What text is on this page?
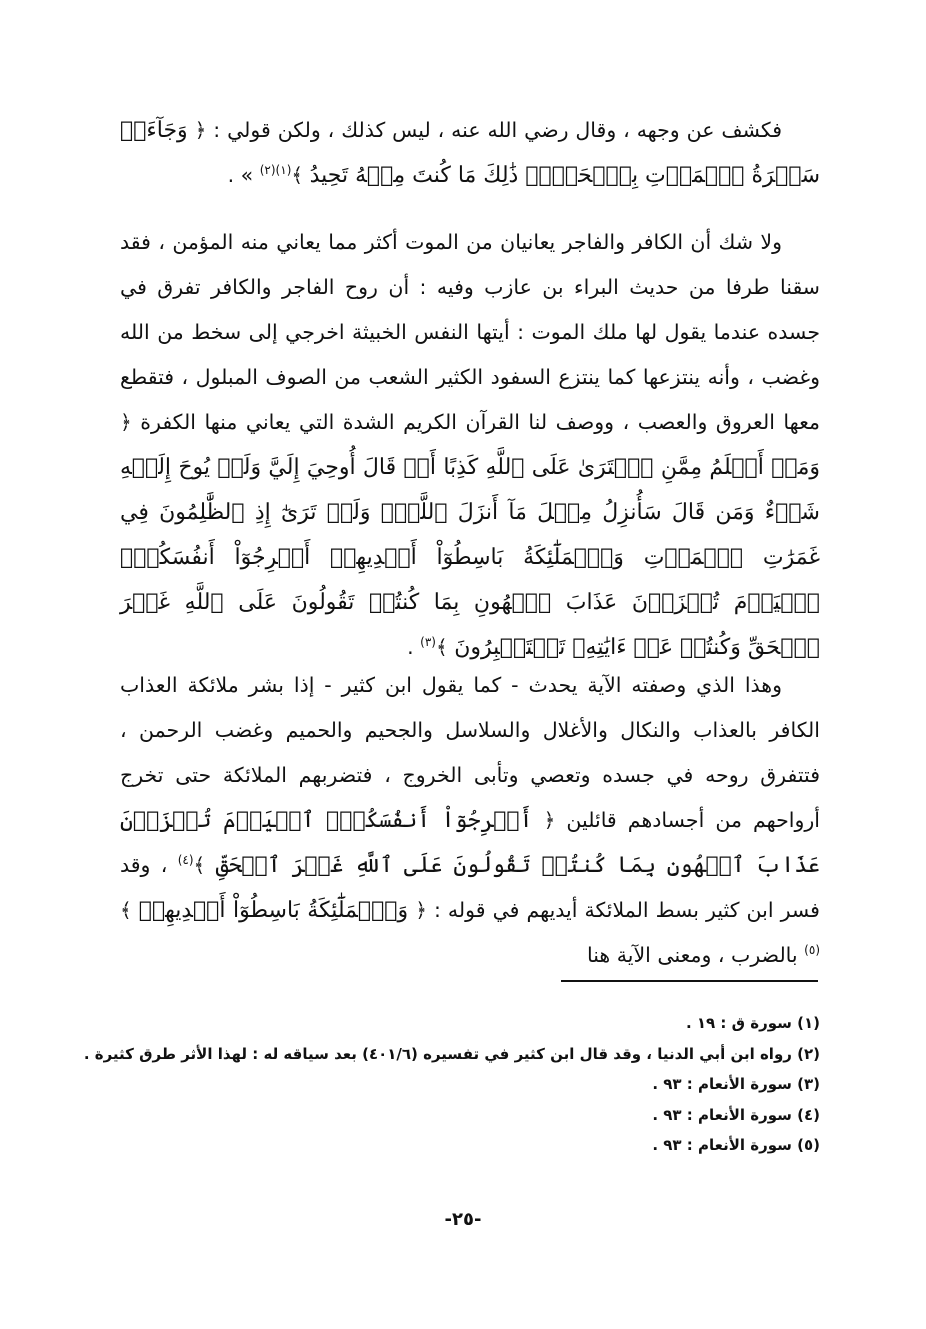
فكشف عن وجهه ، وقال رضي الله عنه ، ليس كذلك ، ولكن قولي : ﴿ وَجَآءَتۡ سَكۡرَةُ ٱلۡمَوۡتِ بِٱلۡحَقِّۚ ذَٰلِكَ مَا كُنتَ مِنۡهُ تَحِيدُ ﴾$^{(١)(٢)}$ » .

ولا شك أن الكافر والفاجر يعانيان من الموت أكثر مما يعاني منه المؤمن ، فقد سقنا طرفا من حديث البراء بن عازب وفيه : أن روح الفاجر والكافر تفرق في جسده عندما يقول لها ملك الموت : أيتها النفس الخبيثة اخرجي إلى سخط من الله وغضب ، وأنه ينتزعها كما ينتزع السفود الكثير الشعب من الصوف المبلول ، فتقطع معها العروق والعصب ، ووصف لنا القرآن الكريم الشدة التي يعاني منها الكفرة ﴿ وَمَنۡ أَظۡلَمُ مِمَّنِ ٱفۡتَرَىٰ عَلَى ٱللَّهِ كَذِبًا أَوۡ قَالَ أُوحِيَ إِلَيَّ وَلَمۡ يُوحَ إِلَيۡهِ شَيۡءٌ وَمَن قَالَ سَأُنزِلُ مِثۡلَ مَآ أَنزَلَ ٱللَّهُۗ وَلَوۡ تَرَىٰٓ إِذِ ٱلظَّٰلِمُونَ فِي غَمَرَٰتِ ٱلۡمَوۡتِ وَٱلۡمَلَٰٓئِكَةُ بَاسِطُوٓاْ أَيۡدِيهِمۡ أَخۡرِجُوٓاْ أَنفُسَكُمُۖ ٱلۡيَوۡمَ تُجۡزَوۡنَ عَذَابَ ٱلۡهُونِ بِمَا كُنتُمۡ تَقُولُونَ عَلَى ٱللَّهِ غَيۡرَ ٱلۡحَقِّ وَكُنتُمۡ عَنۡ ءَايَٰتِهِۦ تَسۡتَكۡبِرُونَ ﴾$^{(٣)}$ .

وهذا الذي وصفته الآية يحدث - كما يقول ابن كثير - إذا بشر ملائكة العذاب الكافر بالعذاب والنكال والأغلال والسلاسل والجحيم والحميم وغضب الرحمن ، فتتفرق روحه في جسده وتعصي وتأبى الخروج ، فتضربهم الملائكة حتى تخرج أرواحهم من أجسادهم قائلين ﴿ أَخۡرِجُوٓاْ أَنفُسَكُمُۖ ٱلۡيَوۡمَ تُجۡزَوۡنَ عَذَابَ ٱلۡهُونِ بِمَا كُنتُمۡ تَقُولُونَ عَلَى ٱللَّهِ غَيۡرَ ٱلۡحَقِّ ﴾$^{(٤)}$ ، وقد فسر ابن كثير بسط الملائكة أيديهم في قوله : ﴿ وَٱلۡمَلَٰٓئِكَةُ بَاسِطُوٓاْ أَيۡدِيهِمۡ ﴾$^{(٥)}$ بالضرب ، ومعنى الآية هنا

(١) سورة ق : ١٩ .
(٢) رواه ابن أبي الدنيا ، وقد قال ابن كثير في تفسيره (٤٠١/٦) بعد سياقه له : لهذا الأثر طرق كثيرة .
(٣) سورة الأنعام : ٩٣ .
(٤) سورة الأنعام : ٩٣ .
(٥) سورة الأنعام : ٩٣ .
-٢٥-
